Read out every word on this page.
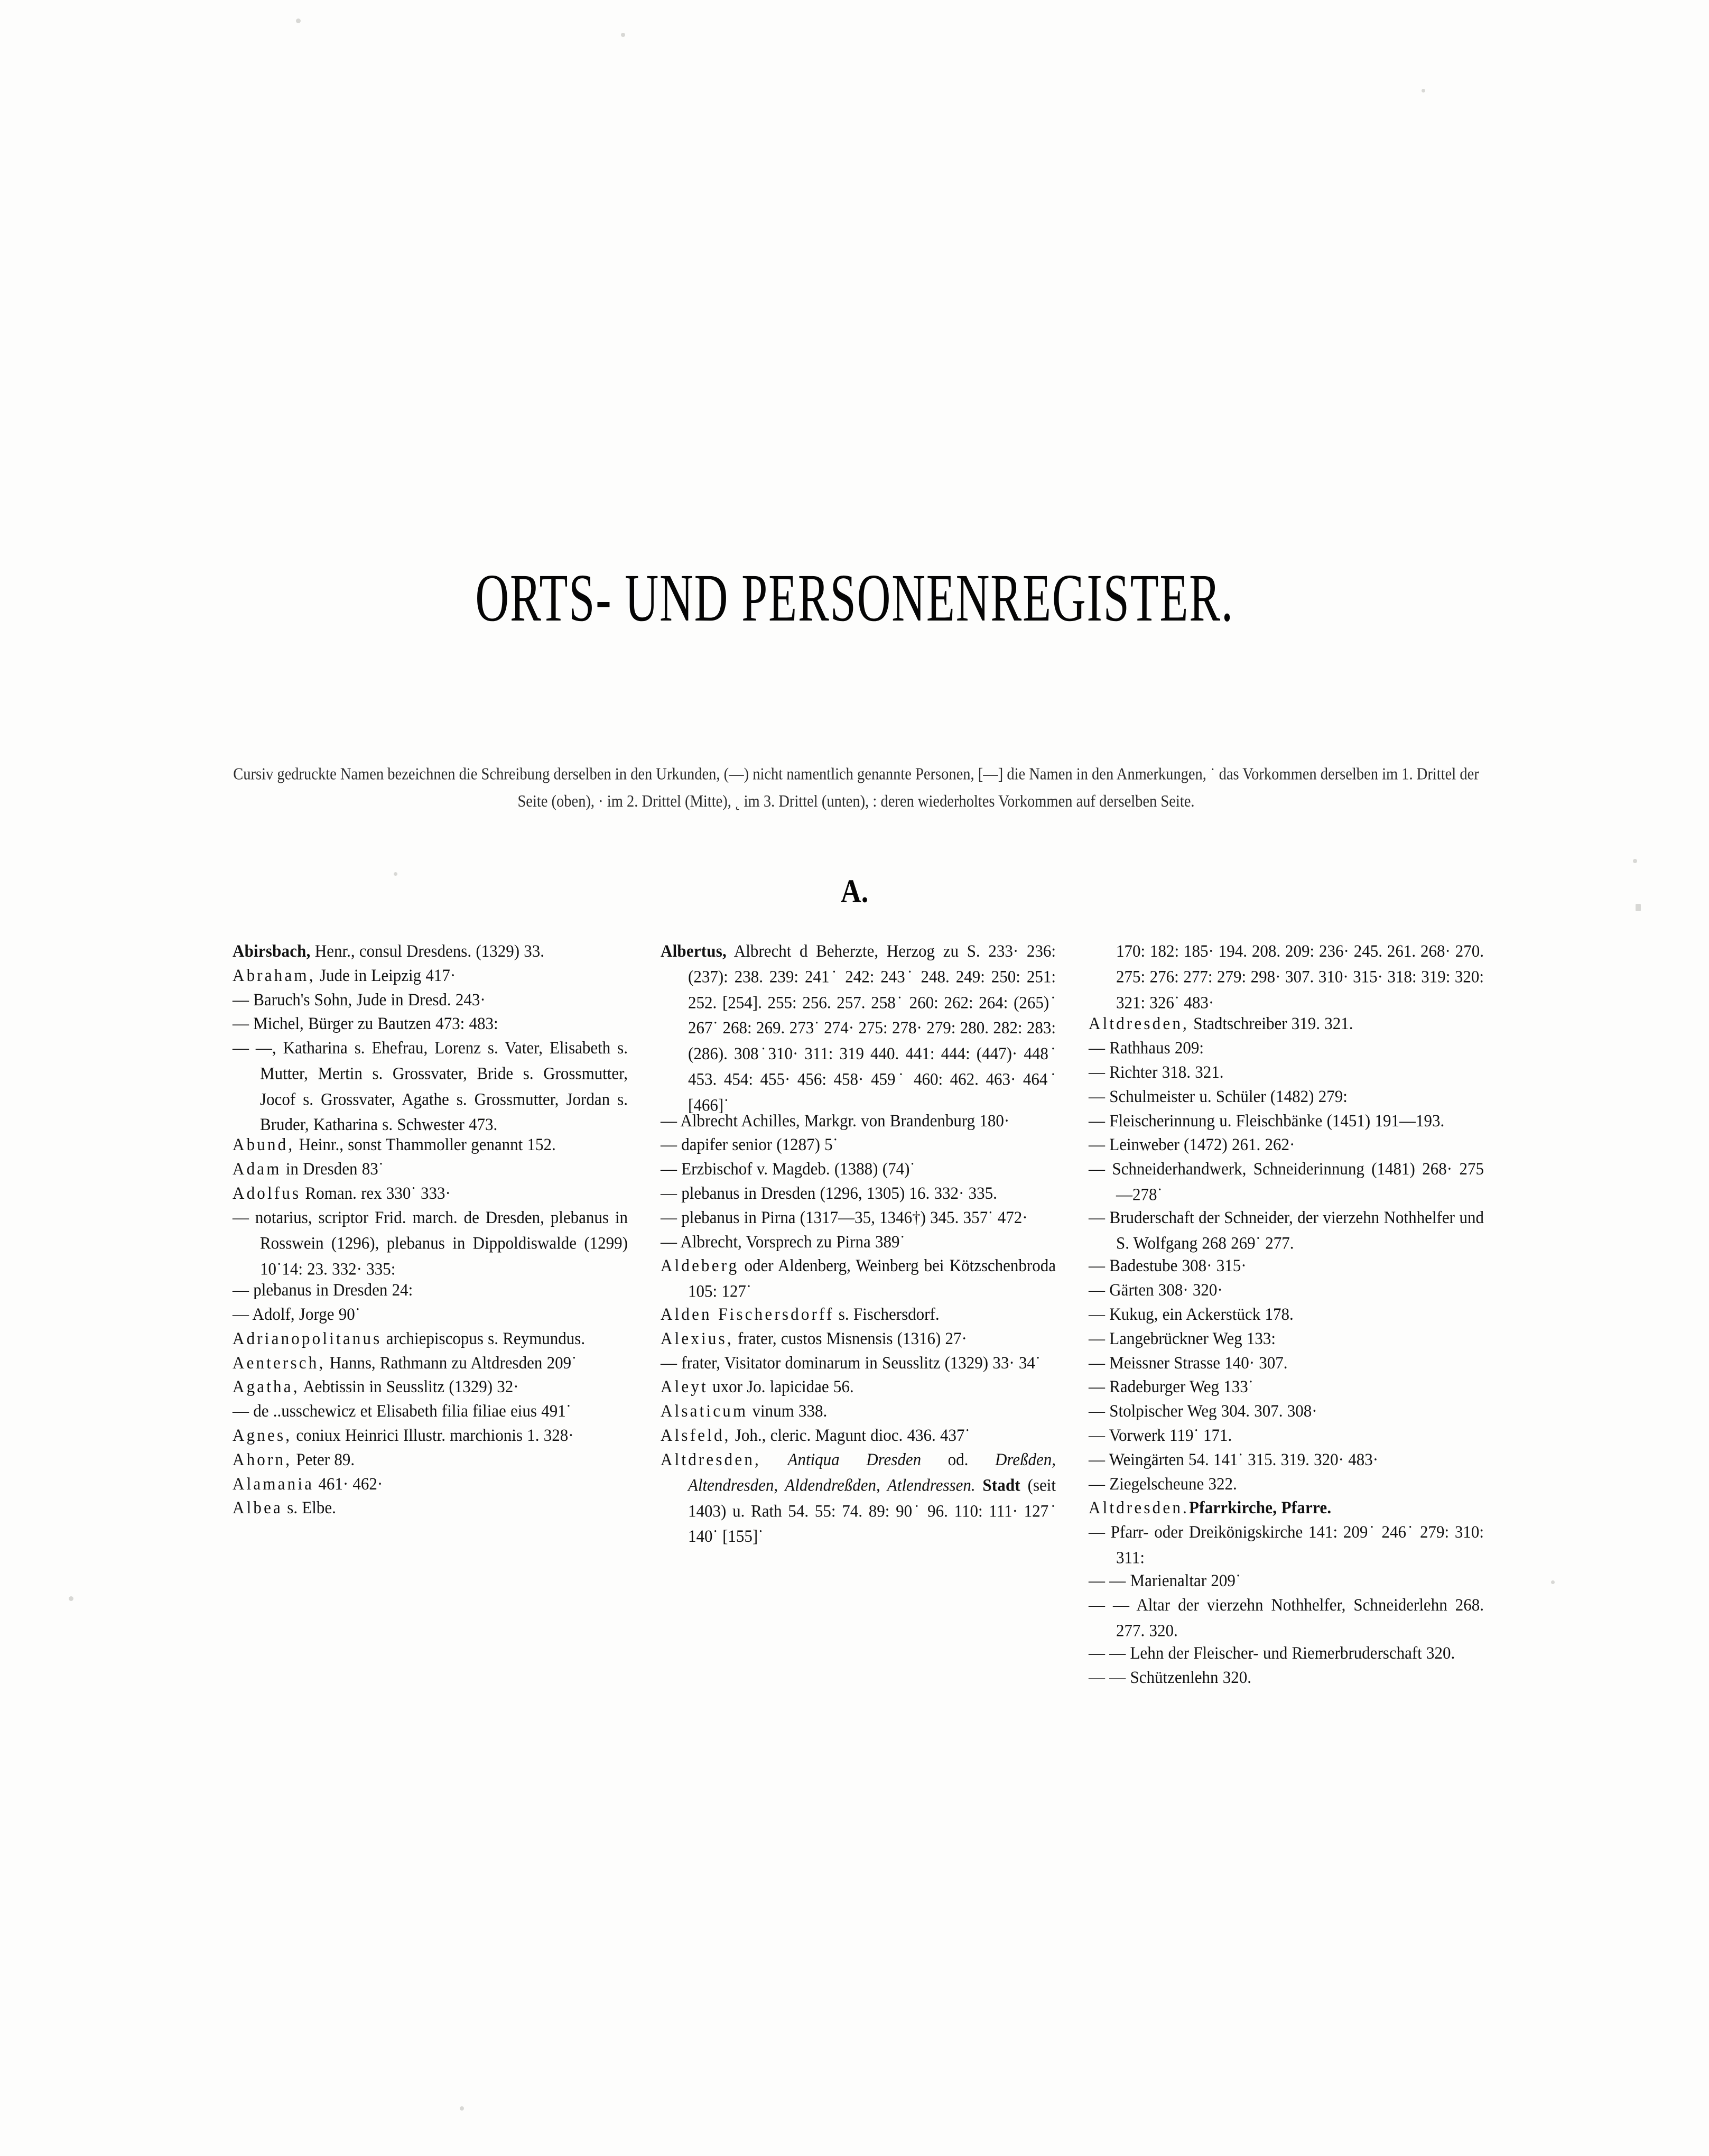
ORTS- UND PERSONENREGISTER.
Cursiv gedruckte Namen bezeichnen die Schreibung derselben in den Urkunden, (—) nicht namentlich genannte Personen, [—] die Namen in den Anmerkungen, ˙ das Vorkommen derselben im 1. Drittel der Seite (oben), · im 2. Drittel (Mitte), ˛ im 3. Drittel (unten), : deren wiederholtes Vorkommen auf derselben Seite.
A.

Abirsbach, Henr., consul Dresdens. (1329) 33.

Abraham, Jude in Leipzig 417·

— Baruch's Sohn, Jude in Dresd. 243·

— Michel, Bürger zu Bautzen 473: 483:

— —, Katharina s. Ehefrau, Lorenz s. Vater, Elisabeth s. Mutter, Mertin s. Grossvater, Bride s. Grossmutter, Jocof s. Grossvater, Agathe s. Grossmutter, Jordan s. Bruder, Katharina s. Schwester 473.

Abund, Heinr., sonst Thammoller genannt 152.

Adam in Dresden 83˙

Adolfus Roman. rex 330˙ 333·

— notarius, scriptor Frid. march. de Dresden, plebanus in Rosswein (1296), plebanus in Dippoldiswalde (1299) 10˙14: 23. 332· 335:

— plebanus in Dresden 24:

— Adolf, Jorge 90˙

Adrianopolitanus archiepiscopus s. Reymundus.

Aentersch, Hanns, Rathmann zu Altdresden 209˙

Agatha, Aebtissin in Seusslitz (1329) 32·

— de ..usschewicz et Elisabeth filia filiae eius 491˙

Agnes, coniux Heinrici Illustr. marchionis 1. 328·

Ahorn, Peter 89.

Alamania 461· 462·

Albea s. Elbe.

Albertus, Albrecht d Beherzte, Herzog zu S. 233· 236: (237): 238. 239: 241˙ 242: 243˙ 248. 249: 250: 251: 252. [254]. 255: 256. 257. 258˙ 260: 262: 264: (265)˙ 267˙ 268: 269. 273˙ 274· 275: 278· 279: 280. 282: 283: (286). 308˙310· 311: 319 440. 441: 444: (447)· 448˙ 453. 454: 455· 456: 458· 459˙ 460: 462. 463· 464˙ [466]˙

— Albrecht Achilles, Markgr. von Brandenburg 180·

— dapifer senior (1287) 5˙

— Erzbischof v. Magdeb. (1388) (74)˙

— plebanus in Dresden (1296, 1305) 16. 332· 335.

— plebanus in Pirna (1317—35, 1346†) 345. 357˙ 472·

— Albrecht, Vorsprech zu Pirna 389˙

Aldeberg oder Aldenberg, Weinberg bei Kötzschenbroda 105: 127˙

Alden Fischersdorff s. Fischersdorf.

Alexius, frater, custos Misnensis (1316) 27·

— frater, Visitator dominarum in Seusslitz (1329) 33· 34˙

Aleyt uxor Jo. lapicidae 56.

Alsaticum vinum 338.

Alsfeld, Joh., cleric. Magunt dioc. 436. 437˙

Altdresden, Antiqua Dresden od. Dreßden, Altendresden, Aldendreßden, Atlendressen. Stadt (seit 1403) u. Rath 54. 55: 74. 89: 90˙ 96. 110: 111· 127˙ 140˙ [155]˙

170: 182: 185· 194. 208. 209: 236· 245. 261. 268· 270. 275: 276: 277: 279: 298· 307. 310· 315· 318: 319: 320: 321: 326˙ 483·

Altdresden, Stadtschreiber 319. 321.

— Rathhaus 209:

— Richter 318. 321.

— Schulmeister u. Schüler (1482) 279:

— Fleischerinnung u. Fleischbänke (1451) 191—193.

— Leinweber (1472) 261. 262·

— Schneiderhandwerk, Schneiderinnung (1481) 268· 275—278˙

— Bruderschaft der Schneider, der vierzehn Nothhelfer und S. Wolfgang 268 269˙ 277.

— Badestube 308· 315·

— Gärten 308· 320·

— Kukug, ein Ackerstück 178.

— Langebrückner Weg 133:

— Meissner Strasse 140· 307.

— Radeburger Weg 133˙

— Stolpischer Weg 304. 307. 308·

— Vorwerk 119˙ 171.

— Weingärten 54. 141˙ 315. 319. 320· 483·

— Ziegelscheune 322.

Altdresden.Pfarrkirche, Pfarre.

— Pfarr- oder Dreikönigskirche 141: 209˙ 246˙ 279: 310: 311:

— — Marienaltar 209˙

— — Altar der vierzehn Nothhelfer, Schneiderlehn 268. 277. 320.

— — Lehn der Fleischer- und Riemerbruderschaft 320.

— — Schützenlehn 320.
